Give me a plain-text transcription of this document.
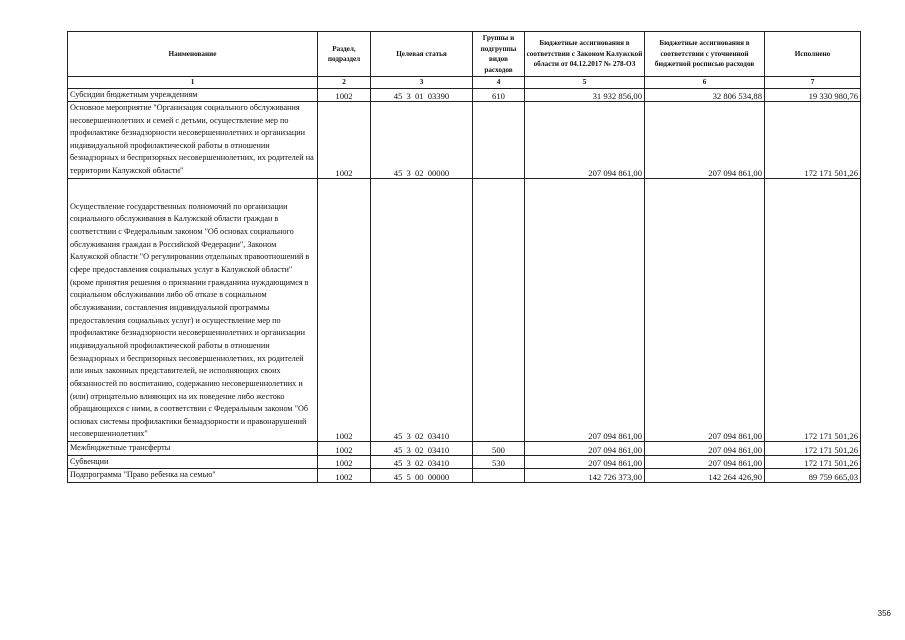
Наименование	Раздел, подраздел	Целевая статья	Группы и подгруппы видов расходов	Бюджетные ассигнования в соответствии с Законом Калужской области от 04.12.2017 № 278-ОЗ	Бюджетные ассигнования в соответствии с уточненной бюджетной росписью расходов	Исполнено
1	2	3	4	5	6	7
Субсидии бюджетным учреждениям	1002	45 3 01 03390	610	31 932 856,00	32 806 534,88	19 330 980,76
Основное мероприятие "Организация социального обслуживания несовершеннолетних и семей с детьми, осуществление мер по профилактике безнадзорности несовершеннолетних и организации индивидуальной профилактической работы в отношении безнадзорных и беспризорных несовершеннолетних, их родителей на территории Калужской области"	1002	45 3 02 00000		207 094 861,00	207 094 861,00	172 171 501,26
Осуществление государственных полномочий по организации социального обслуживания в Калужской области граждан в соответствии с Федеральным законом "Об основах социального обслуживания граждан в Российской Федерации", Законом Калужской области "О регулировании отдельных правоотношений в сфере предоставления социальных услуг в Калужской области" (кроме принятия решения о признании гражданина нуждающимся в социальном обслуживании либо об отказе в социальном обслуживании, составления индивидуальной программы предоставления социальных услуг) и осуществление мер по профилактике безнадзорности несовершеннолетних и организации индивидуальной профилактической работы в отношении безнадзорных и беспризорных несовершеннолетних, их родителей или иных законных представителей, не исполняющих своих обязанностей по воспитанию, содержанию несовершеннолетних и (или) отрицательно влияющих на их поведение либо жестоко обращающихся с ними, в соответствии с Федеральным законом "Об основах системы профилактики безнадзорности и правонарушений несовершеннолетних"	1002	45 3 02 03410		207 094 861,00	207 094 861,00	172 171 501,26
Межбюджетные трансферты	1002	45 3 02 03410	500	207 094 861,00	207 094 861,00	172 171 501,26
Субвенции	1002	45 3 02 03410	530	207 094 861,00	207 094 861,00	172 171 501,26
Подпрограмма "Право ребенка на семью"	1002	45 5 00 00000		142 726 373,00	142 264 426,90	89 759 665,03
356
